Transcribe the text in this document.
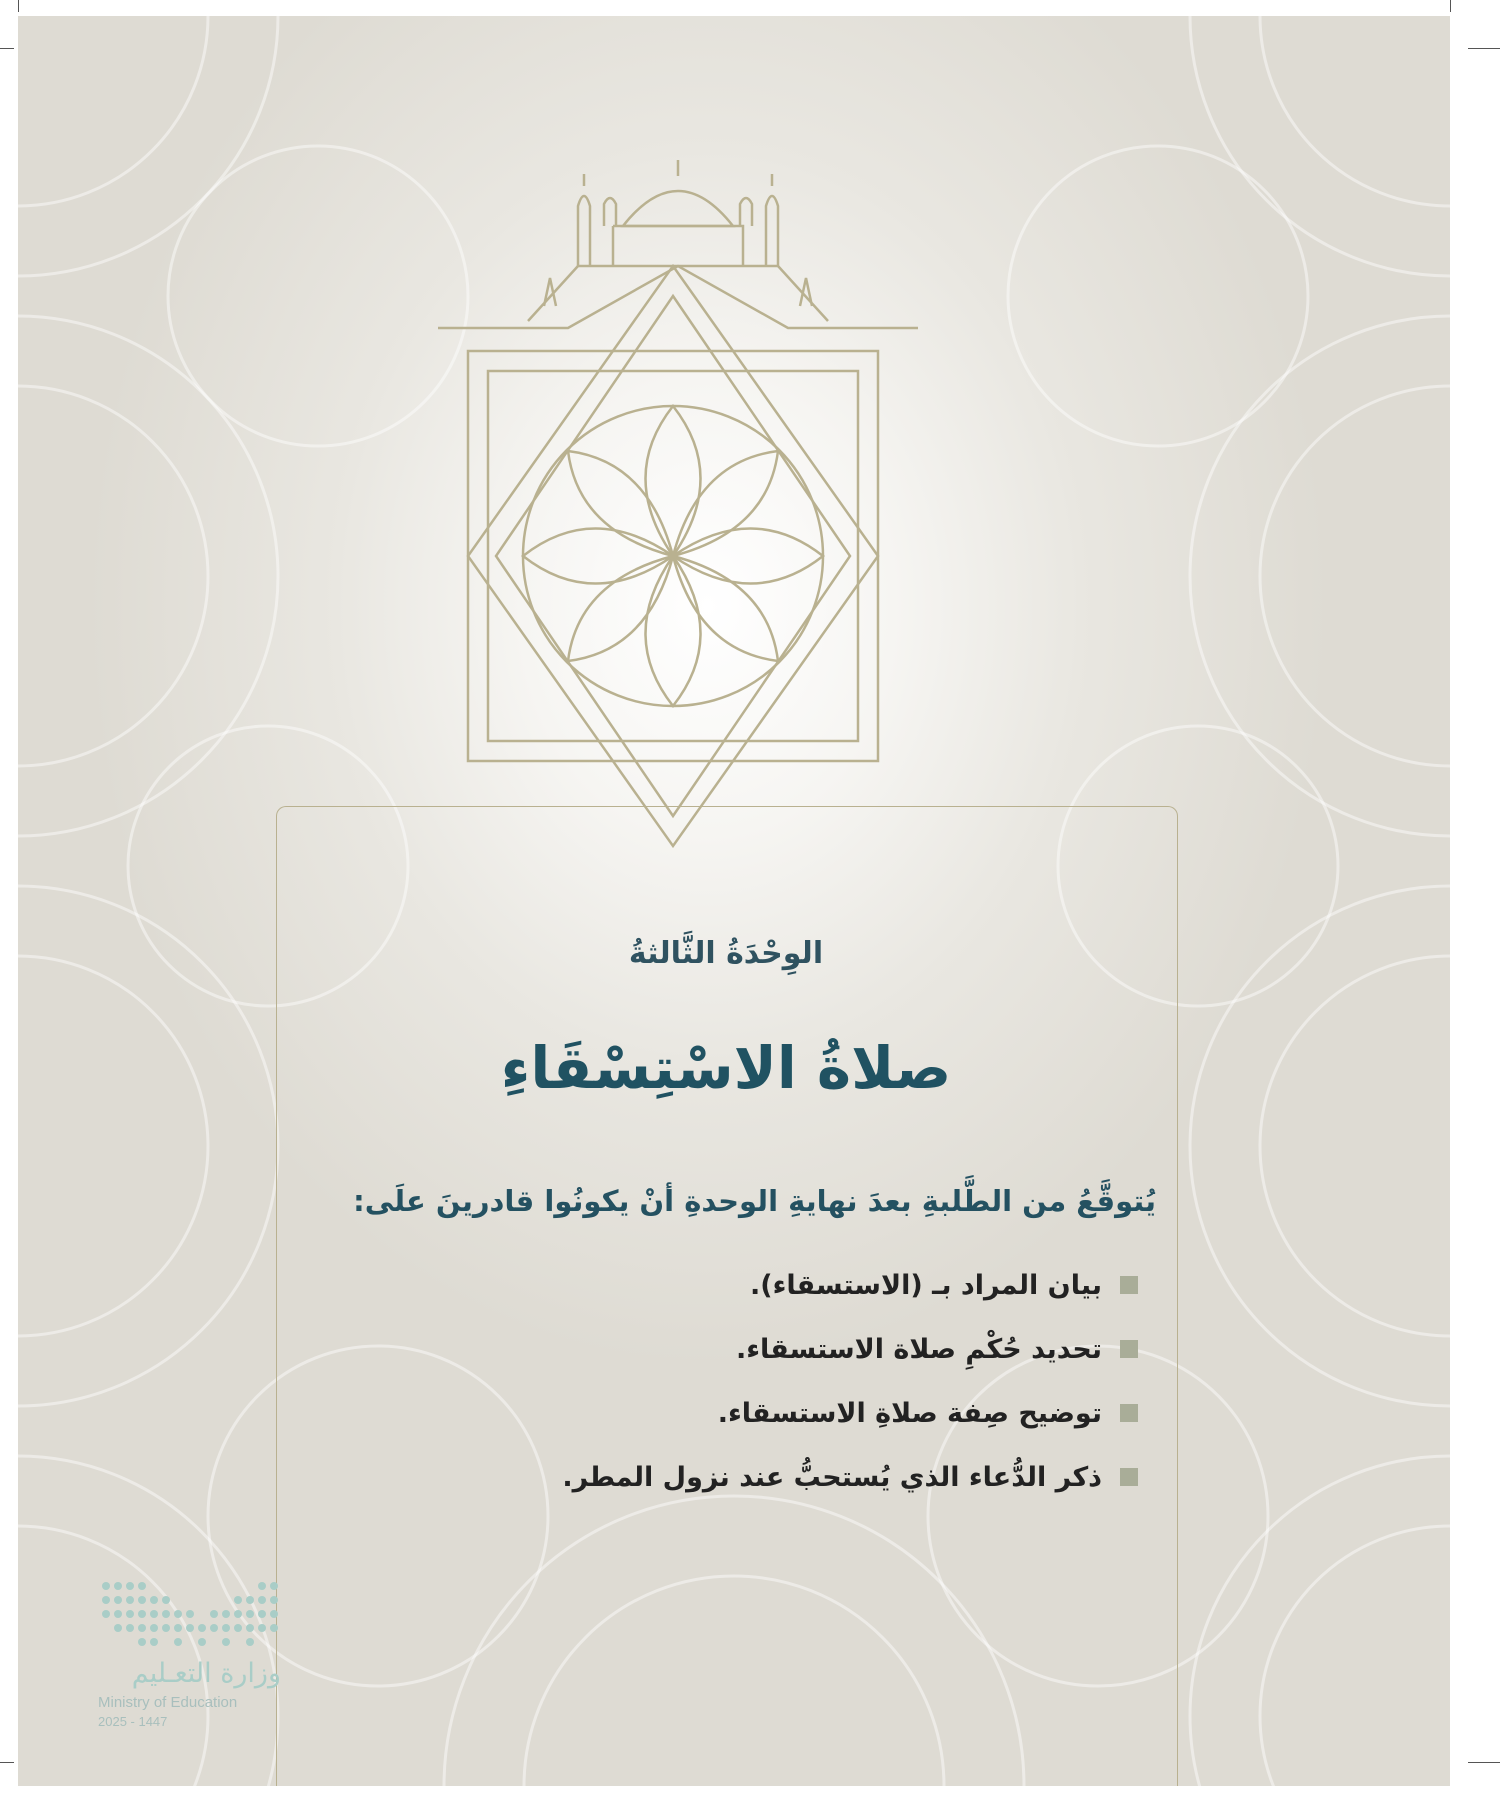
الوِحْدَةُ الثَّالثةُ
صلاةُ الاسْتِسْقَاءِ
يُتوقَّعُ من الطَّلبةِ بعدَ نهايةِ الوحدةِ أنْ يكونُوا قادرينَ علَى:
بيان المراد بـ (الاستسقاء).
تحديد حُكْمِ صلاة الاستسقاء.
توضيح صِفة صلاةِ الاستسقاء.
ذكر الدُّعاء الذي يُستحبُّ عند نزول المطر.
وزارة التعـليم
Ministry of Education
2025 - 1447
